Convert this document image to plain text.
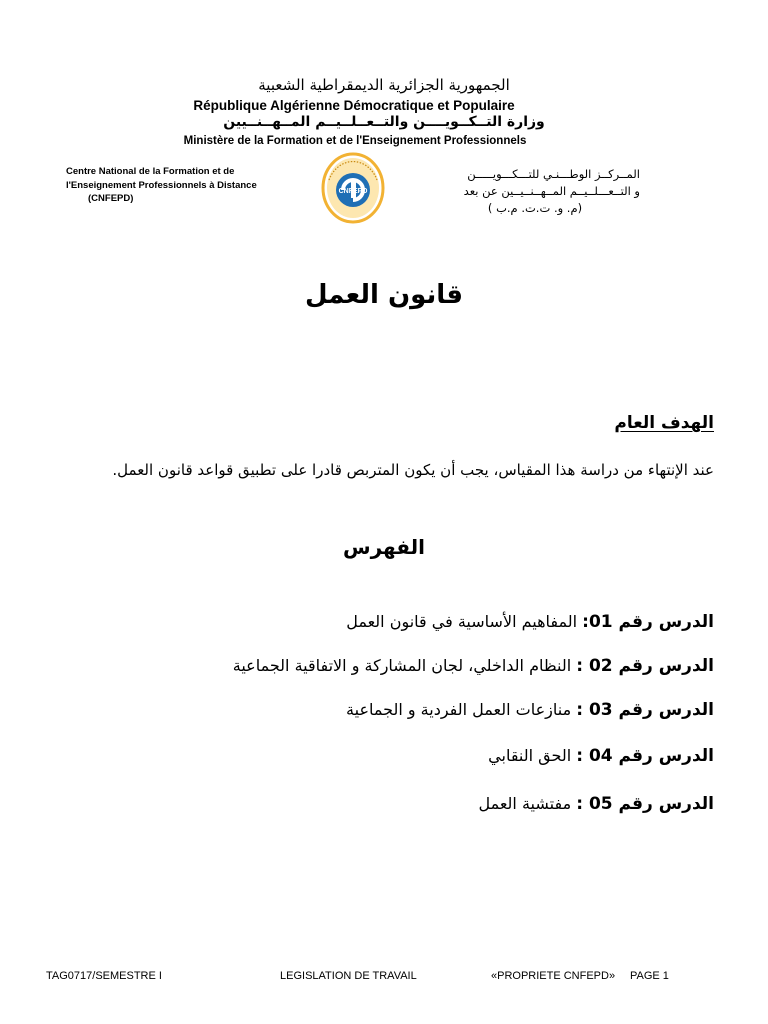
الجمهورية الجزائرية الديمقراطية الشعبية
République Algérienne Démocratique et Populaire
وزارة التــكــويــــن والتــعــلــيــم المــهــنــيين
Ministère de la Formation et de l'Enseignement Professionnels
Centre National de la Formation et de
l'Enseignement Professionnels à Distance
(CNFEPD)
CNFEPD
المــركــز الوطـــنـي للتـــكـــويـــــن
و التــعـــلــيــم المــهــنــيــين عن بعد
(م. و. ت.ت. م.ب )
قانون العمل
الهدف العام
عند الإنتهاء من دراسة هذا المقياس، يجب أن يكون المتربص قادرا على تطبيق قواعد قانون العمل.
الفهرس
الدرس رقم 01: المفاهيم الأساسية في قانون العمل
الدرس رقم 02 : النظام الداخلي، لجان المشاركة و الاتفاقية الجماعية
الدرس رقم 03 : منازعات العمل الفردية و الجماعية
الدرس رقم 04 : الحق النقابي
الدرس رقم 05 : مفتشية العمل
TAG0717/SEMESTRE I	LEGISLATION DE TRAVAIL	«PROPRIETE CNFEPD» PAGE 1
